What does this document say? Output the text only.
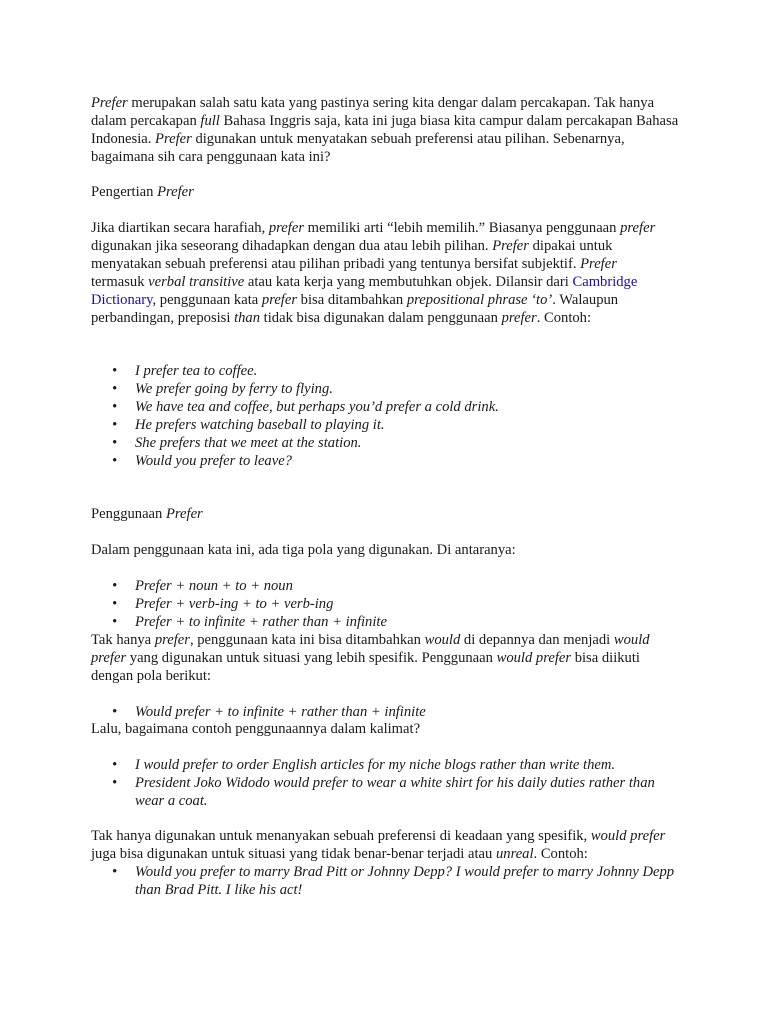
Prefer merupakan salah satu kata yang pastinya sering kita dengar dalam percakapan. Tak hanya dalam percakapan full Bahasa Inggris saja, kata ini juga biasa kita campur dalam percakapan Bahasa Indonesia. Prefer digunakan untuk menyatakan sebuah preferensi atau pilihan. Sebenarnya, bagaimana sih cara penggunaan kata ini?

Pengertian Prefer

Jika diartikan secara harafiah, prefer memiliki arti “lebih memilih.” Biasanya penggunaan prefer digunakan jika seseorang dihadapkan dengan dua atau lebih pilihan. Prefer dipakai untuk menyatakan sebuah preferensi atau pilihan pribadi yang tentunya bersifat subjektif. Prefer termasuk verbal transitive atau kata kerja yang membutuhkan objek. Dilansir dari Cambridge Dictionary, penggunaan kata prefer bisa ditambahkan prepositional phrase ‘to’. Walaupun perbandingan, preposisi than tidak bisa digunakan dalam penggunaan prefer. Contoh:

• I prefer tea to coffee.
• We prefer going by ferry to flying.
• We have tea and coffee, but perhaps you’d prefer a cold drink.
• He prefers watching baseball to playing it.
• She prefers that we meet at the station.
• Would you prefer to leave?

Penggunaan Prefer

Dalam penggunaan kata ini, ada tiga pola yang digunakan. Di antaranya:

• Prefer + noun + to + noun
• Prefer + verb-ing + to + verb-ing
• Prefer + to infinite + rather than + infinite

Tak hanya prefer, penggunaan kata ini bisa ditambahkan would di depannya dan menjadi would prefer yang digunakan untuk situasi yang lebih spesifik. Penggunaan would prefer bisa diikuti dengan pola berikut:

• Would prefer + to infinite + rather than + infinite

Lalu, bagaimana contoh penggunaannya dalam kalimat?

• I would prefer to order English articles for my niche blogs rather than write them.
• President Joko Widodo would prefer to wear a white shirt for his daily duties rather than wear a coat.

Tak hanya digunakan untuk menanyakan sebuah preferensi di keadaan yang spesifik, would prefer juga bisa digunakan untuk situasi yang tidak benar-benar terjadi atau unreal. Contoh:

• Would you prefer to marry Brad Pitt or Johnny Depp? I would prefer to marry Johnny Depp than Brad Pitt. I like his act!
